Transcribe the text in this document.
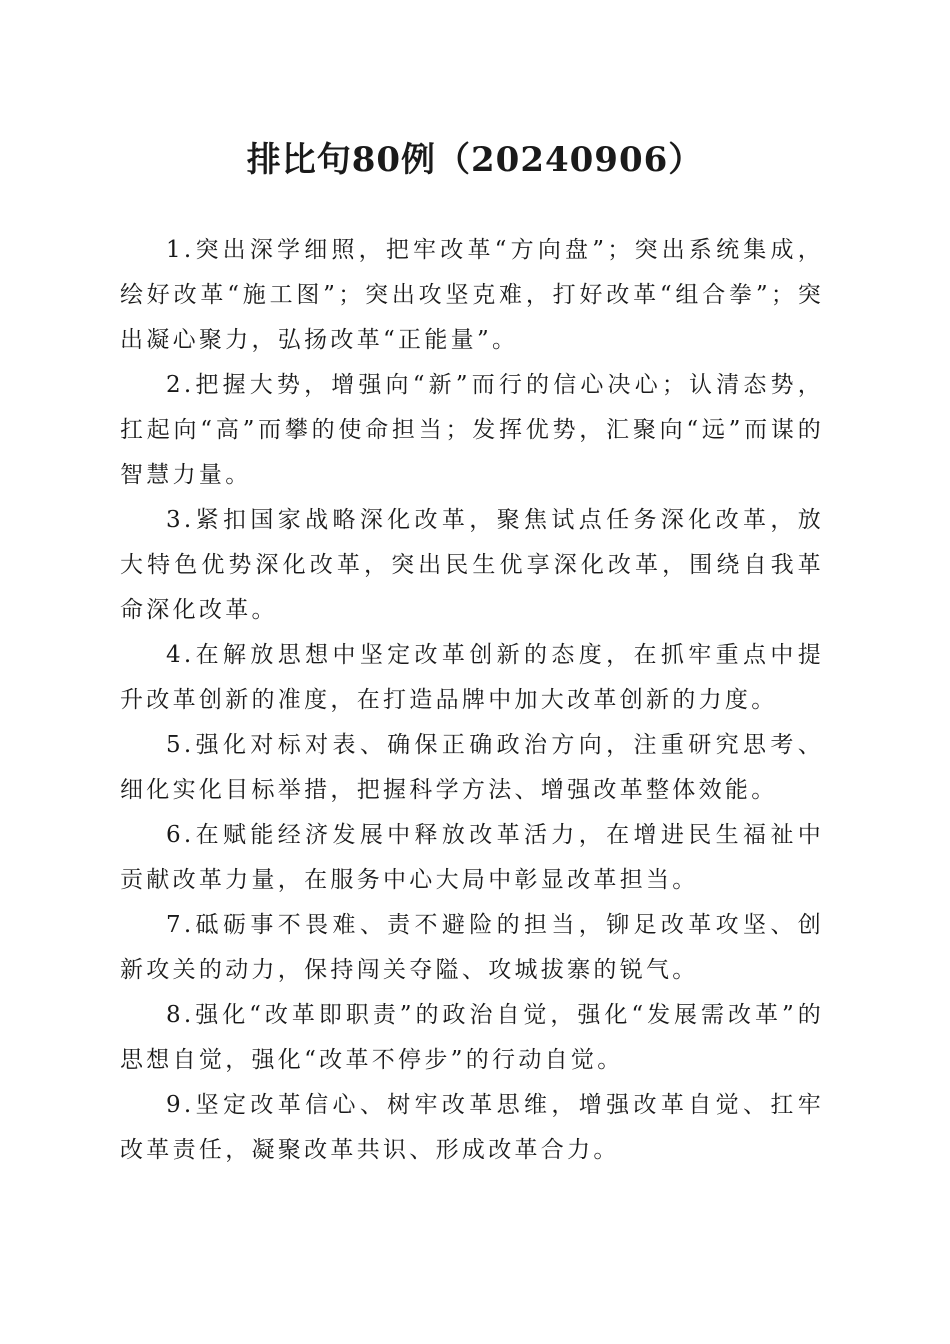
排比句80例（20240906）

1.突出深学细照，把牢改革“方向盘”；突出系统集成，绘好改革“施工图”；突出攻坚克难，打好改革“组合拳”；突出凝心聚力，弘扬改革“正能量”。

2.把握大势，增强向“新”而行的信心决心；认清态势，扛起向“高”而攀的使命担当；发挥优势，汇聚向“远”而谋的智慧力量。

3.紧扣国家战略深化改革，聚焦试点任务深化改革，放大特色优势深化改革，突出民生优享深化改革，围绕自我革命深化改革。

4.在解放思想中坚定改革创新的态度，在抓牢重点中提升改革创新的准度，在打造品牌中加大改革创新的力度。

5.强化对标对表、确保正确政治方向，注重研究思考、细化实化目标举措，把握科学方法、增强改革整体效能。

6.在赋能经济发展中释放改革活力，在增进民生福祉中贡献改革力量，在服务中心大局中彰显改革担当。

7.砥砺事不畏难、责不避险的担当，铆足改革攻坚、创新攻关的动力，保持闯关夺隘、攻城拔寨的锐气。

8.强化“改革即职责”的政治自觉，强化“发展需改革”的思想自觉，强化“改革不停步”的行动自觉。

9.坚定改革信心、树牢改革思维，增强改革自觉、扛牢改革责任，凝聚改革共识、形成改革合力。
